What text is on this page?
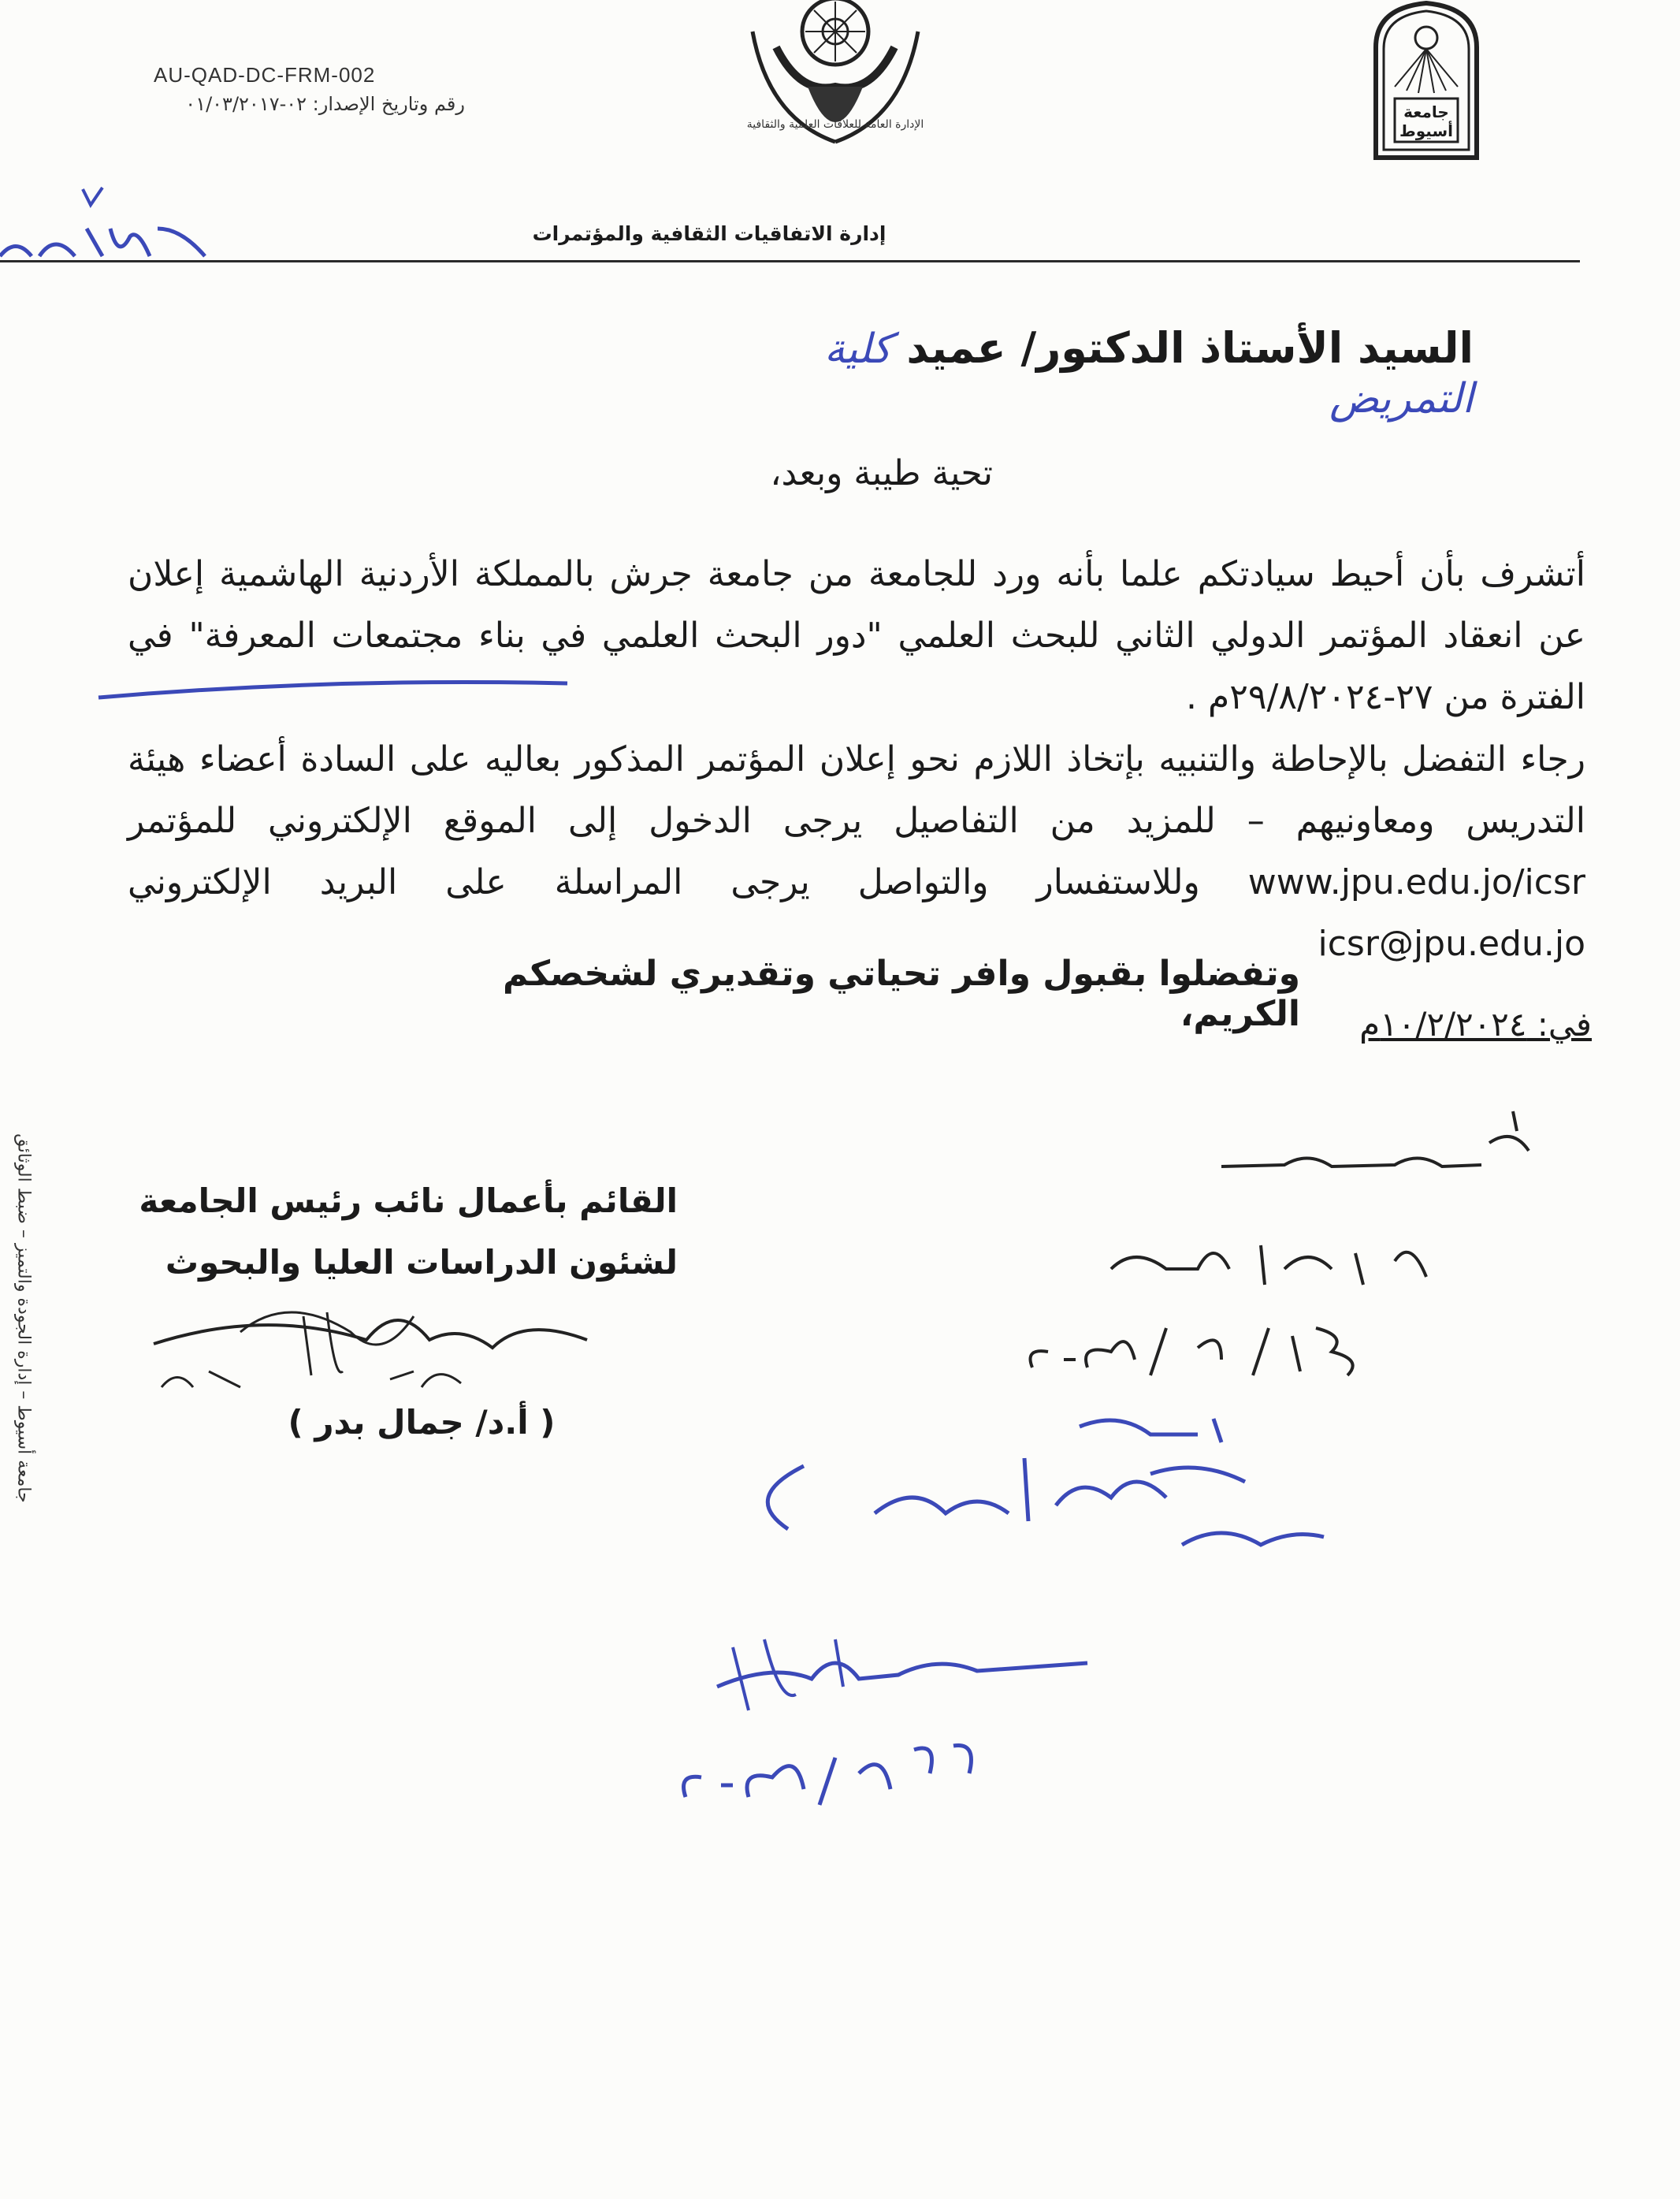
AU-QAD-DC-FRM-002
رقم وتاريخ الإصدار: ٠٢-٠١/٠٣/٢٠١٧
الإدارة العامة للعلاقات العلمية والثقافية
جامعة أسيوط
إدارة الاتفاقيات الثقافية والمؤتمرات
السيد الأستاذ الدكتور/ عميد كلية التمريض
تحية طيبة وبعد،
أتشرف بأن أحيط سيادتكم علما بأنه ورد للجامعة من جامعة جرش بالمملكة الأردنية الهاشمية إعلان عن انعقاد المؤتمر الدولي الثاني للبحث العلمي "دور البحث العلمي في بناء مجتمعات المعرفة" في الفترة من ٢٧-٢٩/٨/٢٠٢٤م .
رجاء التفضل بالإحاطة والتنبيه بإتخاذ اللازم نحو إعلان المؤتمر المذكور بعاليه على السادة أعضاء هيئة التدريس ومعاونيهم – للمزيد من التفاصيل يرجى الدخول إلى الموقع الإلكتروني للمؤتمر www.jpu.edu.jo/icsr وللاستفسار والتواصل يرجى المراسلة على البريد الإلكتروني icsr@jpu.edu.jo
وتفضلوا بقبول وافر تحياتي وتقديري لشخصكم الكريم،	في: ١٠/٢/٢٠٢٤م
القائم بأعمال نائب رئيس الجامعة
لشئون الدراسات العليا والبحوث
( أ.د/ جمال بدر )
جامعة أسيوط – إدارة الجودة والتميز – ضبط الوثائق
